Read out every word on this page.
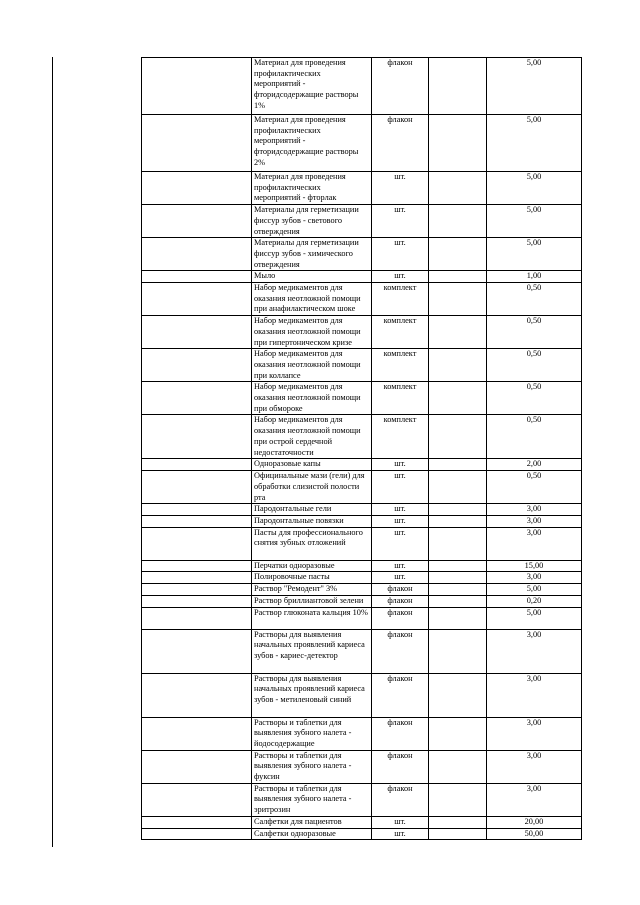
	Материал для проведения профилактических мероприятий - фторидсодержащие растворы 1%	флакон		5,00
	Материал для проведения профилактических мероприятий - фторидсодержащие растворы 2%	флакон		5,00
	Материал для проведения профилактических мероприятий - фторлак	шт.		5,00
	Материалы для герметизации фиссур зубов - светового отверждения	шт.		5,00
	Материалы для герметизации фиссур зубов - химического отверждения	шт.		5,00
	Мыло	шт.		1,00
	Набор медикаментов для оказания неотложной помощи при анафилактическом шоке	комплект		0,50
	Набор медикаментов для оказания неотложной помощи при гипертоническом кризе	комплект		0,50
	Набор медикаментов для оказания неотложной помощи при коллапсе	комплект		0,50
	Набор медикаментов для оказания неотложной помощи при обмороке	комплект		0,50
	Набор медикаментов для оказания неотложной помощи при острой сердечной недостаточности	комплект		0,50
	Одноразовые капы	шт.		2,00
	Официнальные мази (гели) для обработки слизистой полости рта	шт.		0,50
	Пародонтальные гели	шт.		3,00
	Пародонтальные повязки	шт.		3,00
	Пасты для профессионального снятия зубных отложений	шт.		3,00
	Перчатки одноразовые	шт.		15,00
	Полировочные пасты	шт.		3,00
	Раствор "Ремодент" 3%	флакон		5,00
	Раствор бриллиантовой зелени	флакон		0,20
	Раствор глюконата кальция 10%	флакон		5,00
	Растворы для выявления начальных проявлений кариеса зубов - кариес-детектор	флакон		3,00
	Растворы для выявления начальных проявлений кариеса зубов - метиленовый синий	флакон		3,00
	Растворы и таблетки для выявления зубного налета - йодосодержащие	флакон		3,00
	Растворы и таблетки для выявления зубного налета - фуксин	флакон		3,00
	Растворы и таблетки для выявления зубного налета - эритрозин	флакон		3,00
	Салфетки для пациентов	шт.		20,00
	Салфетки одноразовые	шт.		50,00
